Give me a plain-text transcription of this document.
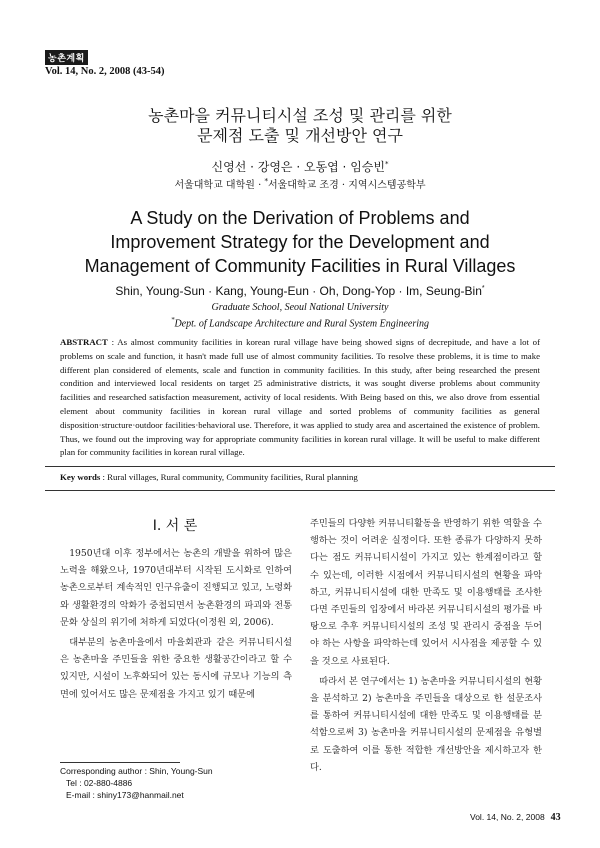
농촌계획
Vol. 14, No. 2, 2008 (43-54)
농촌마을 커뮤니티시설 조성 및 관리를 위한
문제점 도출 및 개선방안 연구
신영선 · 강영은 · 오동엽 · 임승빈*
서울대학교 대학원 · *서울대학교 조경 · 지역시스템공학부
A Study on the Derivation of Problems and
Improvement Strategy for the Development and
Management of Community Facilities in Rural Villages
Shin, Young-Sun · Kang, Young-Eun · Oh, Dong-Yop · Im, Seung-Bin*
Graduate School, Seoul National University
*Dept. of Landscape Architecture and Rural System Engineering
ABSTRACT : As almost community facilities in korean rural village have being showed signs of decrepitude, and have a lot of problems on scale and function, it hasn't made full use of almost community facilities. To resolve these problems, it is time to make different plan considered of elements, scale and function in community facilities. In this study, after being researched the present condition and interviewed local residents on target 25 administrative districts, it was sought diverse problems about community facilities and researched satisfaction measurement, activity of local residents. With Being based on this, we also drove from essential element about community facilities in korean rural village and sorted problems of community facilities as general disposition·structure·outdoor facilities·behavioral use. Therefore, it was applied to study area and ascertained the existence of problem. Thus, we found out the improving way for appropriate community facilities in korean rural village. It will be useful to make different plan for community facilities in korean rural village.
Key words : Rural villages, Rural community, Community facilities, Rural planning
Ⅰ. 서 론

1950년대 이후 정부에서는 농촌의 개발을 위하여 많은 노력을 해왔으나, 1970년대부터 시작된 도시화로 인하여 농촌으로부터 계속적인 인구유출이 진행되고 있고, 노령화와 생활환경의 악화가 중첩되면서 농촌환경의 파괴와 전통문화 상실의 위기에 처하게 되었다(이정원 외, 2006).

대부분의 농촌마을에서 마을회관과 같은 커뮤니티시설은 농촌마을 주민들을 위한 중요한 생활공간이라고 할 수 있지만, 시설이 노후화되어 있는 동시에 규모나 기능의 측면에 있어서도 많은 문제점을 가지고 있기 때문에

주민들의 다양한 커뮤니티활동을 반영하기 위한 역할을 수행하는 것이 어려운 실정이다. 또한 종류가 다양하지 못하다는 점도 커뮤니티시설이 가지고 있는 한계점이라고 할 수 있는데, 이러한 시점에서 커뮤니티시설의 현황을 파악하고, 커뮤니티시설에 대한 만족도 및 이용행태를 조사한다면 주민들의 입장에서 바라본 커뮤니티시설의 평가를 바탕으로 추후 커뮤니티시설의 조성 및 관리시 중점을 두어야 하는 사항을 파악하는데 있어서 시사점을 제공할 수 있을 것으로 사료된다.

따라서 본 연구에서는 1) 농촌마을 커뮤니티시설의 현황을 분석하고 2) 농촌마을 주민들을 대상으로 한 설문조사를 통하여 커뮤니티시설에 대한 만족도 및 이용행태를 분석함으로써 3) 농촌마을 커뮤니티시설의 문제점을 유형별로 도출하여 이를 통한 적합한 개선방안을 제시하고자 한다.

Corresponding author : Shin, Young-Sun
Tel : 02-880-4886
E-mail : shiny173@hanmail.net
Vol. 14, No. 2, 2008 43
